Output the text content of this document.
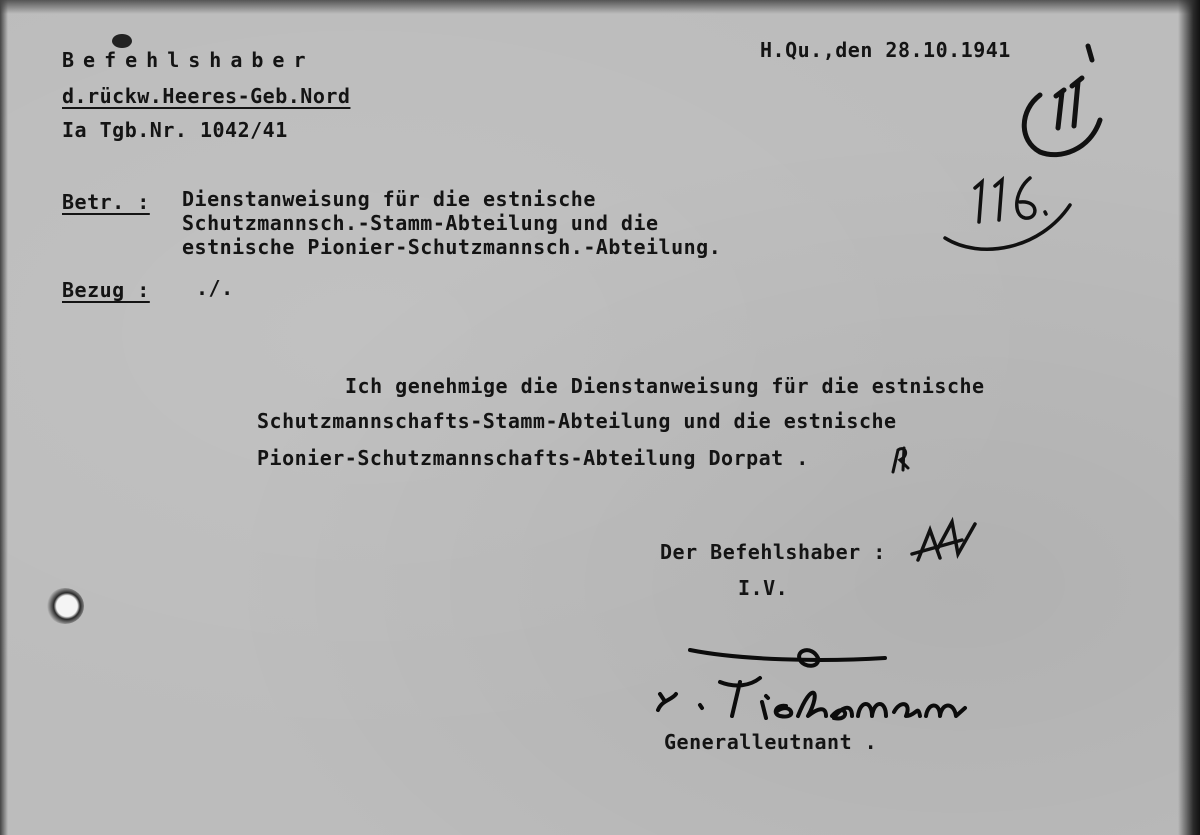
Befehlshaber
d.rückw.Heeres-Geb.Nord
Ia Tgb.Nr. 1042/41
H.Qu.,den 28.10.1941
Betr. : Dienstanweisung für die estnische
Schutzmannsch.-Stamm-Abteilung und die
estnische Pionier-Schutzmannsch.-Abteilung.
Bezug : ./.
Ich genehmige die Dienstanweisung für die estnische
Schutzmannschafts-Stamm-Abteilung und die estnische
Pionier-Schutzmannschafts-Abteilung Dorpat .
Der Befehlshaber :
I.V.
Generalleutnant .
